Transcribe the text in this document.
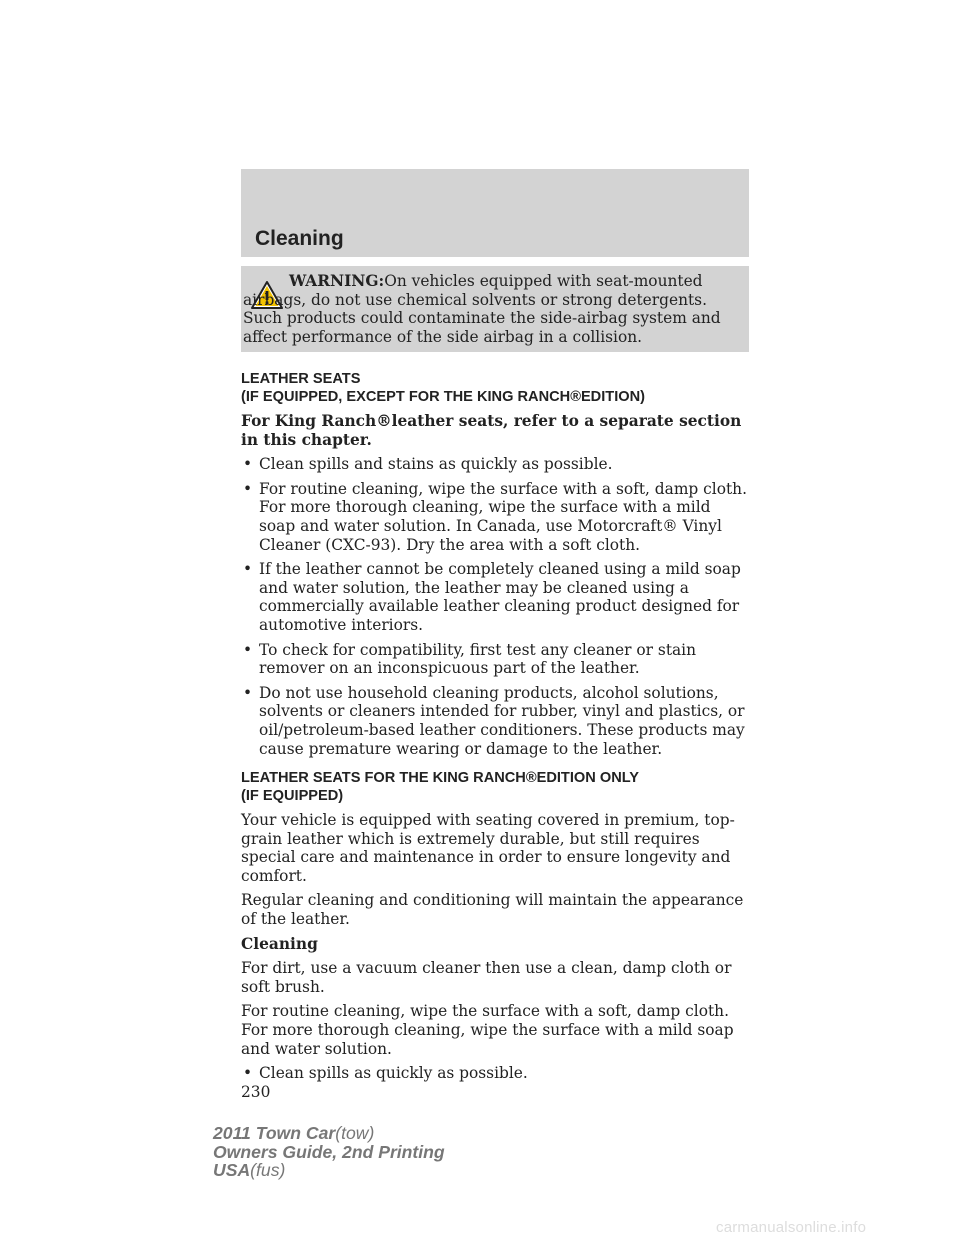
Cleaning
WARNING:On vehicles equipped with seat-mounted airbags, do not use chemical solvents or strong detergents. Such products could contaminate the side-airbag system and affect performance of the side airbag in a collision.
LEATHER SEATS
(IF EQUIPPED, EXCEPT FOR THE KING RANCH®EDITION)

For King Ranch®leather seats, refer to a separate section in this chapter.

• Clean spills and stains as quickly as possible.
• For routine cleaning, wipe the surface with a soft, damp cloth. For more thorough cleaning, wipe the surface with a mild soap and water solution. In Canada, use Motorcraft® Vinyl Cleaner (CXC-93). Dry the area with a soft cloth.
• If the leather cannot be completely cleaned using a mild soap and water solution, the leather may be cleaned using a commercially available leather cleaning product designed for automotive interiors.
• To check for compatibility, first test any cleaner or stain remover on an inconspicuous part of the leather.
• Do not use household cleaning products, alcohol solutions, solvents or cleaners intended for rubber, vinyl and plastics, or oil/petroleum-based leather conditioners. These products may cause premature wearing or damage to the leather.
LEATHER SEATS FOR THE KING RANCH®EDITION ONLY
(IF EQUIPPED)

Your vehicle is equipped with seating covered in premium, top-grain leather which is extremely durable, but still requires special care and maintenance in order to ensure longevity and comfort.

Regular cleaning and conditioning will maintain the appearance of the leather.

Cleaning

For dirt, use a vacuum cleaner then use a clean, damp cloth or soft brush.

For routine cleaning, wipe the surface with a soft, damp cloth. For more thorough cleaning, wipe the surface with a mild soap and water solution.

• Clean spills as quickly as possible.
230
2011 Town Car(tow)
Owners Guide, 2nd Printing
USA(fus)
carmanualsonline.info
